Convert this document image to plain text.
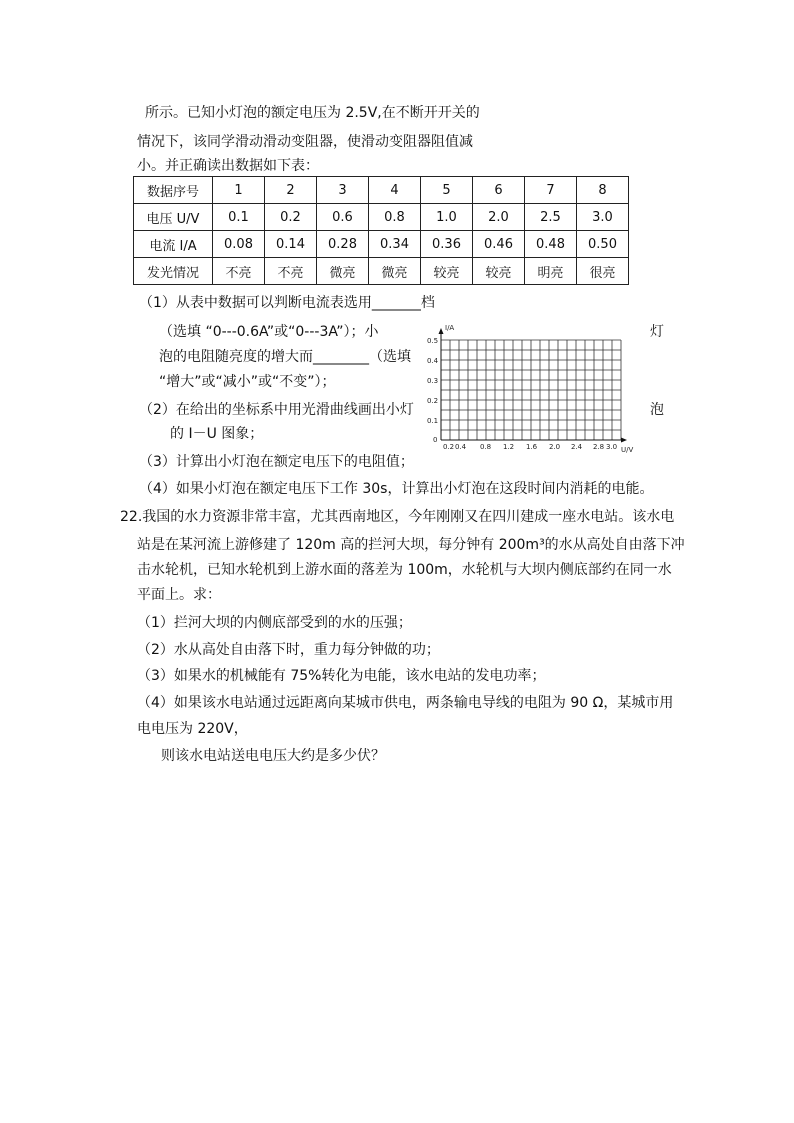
所示。已知小灯泡的额定电压为 2.5V,在不断开开关的
情况下，该同学滑动滑动变阻器，使滑动变阻器阻值减
小。并正确读出数据如下表：
数据序号	1	2	3	4	5	6	7	8
电压 U/V	0.1	0.2	0.6	0.8	1.0	2.0	2.5	3.0
电流 I/A	0.08	0.14	0.28	0.34	0.36	0.46	0.48	0.50
发光情况	不亮	不亮	微亮	微亮	较亮	较亮	明亮	很亮
（1）从表中数据可以判断电流表选用_______档
（选填 “0---0.6A”或“0---3A”）；小	灯
泡的电阻随亮度的增大而________（选填
“增大”或“减小”或“不变”）；
（2）在给出的坐标系中用光滑曲线画出小灯	泡
的 I－U 图象；
（3）计算出小灯泡在额定电压下的电阻值；
（4）如果小灯泡在额定电压下工作 30s，计算出小灯泡在这段时间内消耗的电能。
I/A
U/V
0.5
0.4
0.3
0.2
0.1
0
0.2 0.4 0.8 1.2 1.6 2.0 2.4 2.8 3.0
22.我国的水力资源非常丰富，尤其西南地区，今年刚刚又在四川建成一座水电站。该水电
站是在某河流上游修建了 120m 高的拦河大坝，每分钟有 200m³的水从高处自由落下冲
击水轮机，已知水轮机到上游水面的落差为 100m，水轮机与大坝内侧底部约在同一水
平面上。求：
（1）拦河大坝的内侧底部受到的水的压强；
（2）水从高处自由落下时，重力每分钟做的功；
（3）如果水的机械能有 75%转化为电能，该水电站的发电功率；
（4）如果该水电站通过远距离向某城市供电，两条输电导线的电阻为 90 Ω，某城市用
电电压为 220V，
则该水电站送电电压大约是多少伏？
